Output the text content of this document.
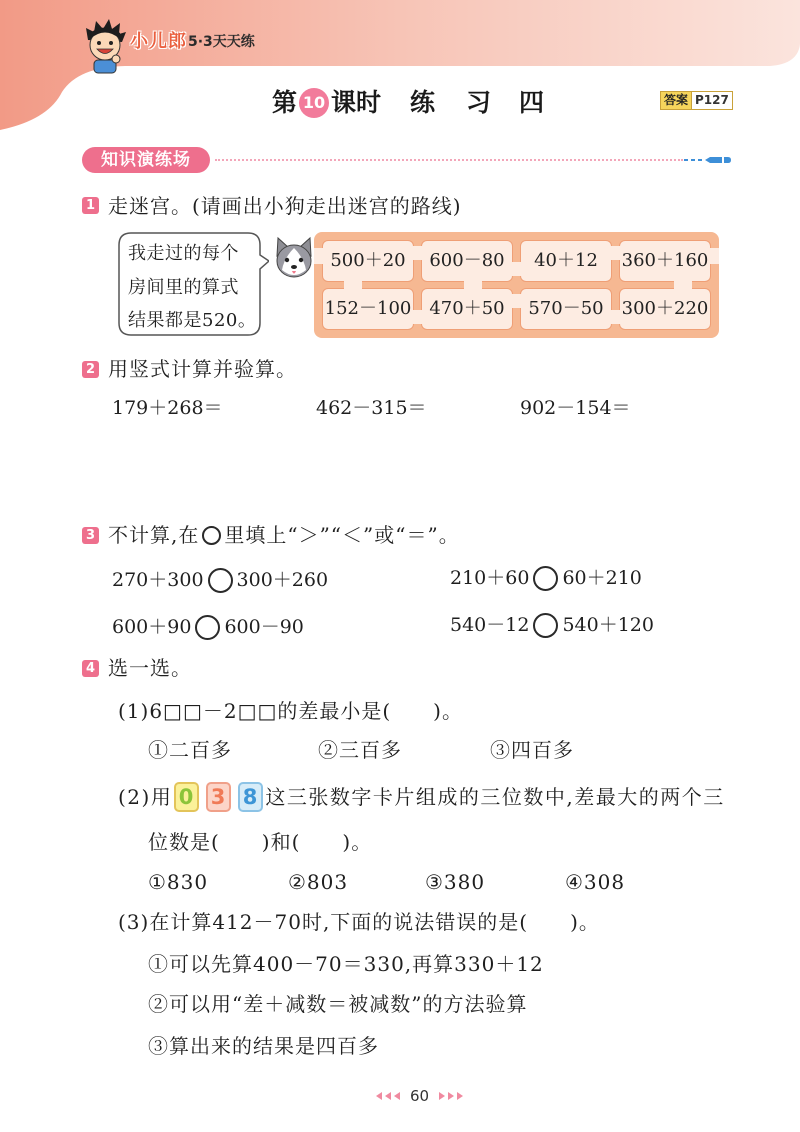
小儿郎 5·3天天练
第 10 课时 练 习 四	答案 P127
知识演练场
1 走迷宫。(请画出小狗走出迷宫的路线)
我走过的每个
房间里的算式
结果都是520。
500＋20 600－80 40＋12 360＋160
152－100 470＋50 570－50 300＋220
2 用竖式计算并验算。
179＋268＝	462－315＝	902－154＝
3 不计算,在 里填上“＞”“＜”或“＝”。
270＋300 300＋260	210＋60 60＋210
600＋90 600－90	540－12 540＋120
4 选一选。
(1)6□□－2□□的差最小是(　　)。
①二百多	②三百多	③四百多
(2)用 0 3 8 这三张数字卡片组成的三位数中,差最大的两个三
位数是(　　)和(　　)。
①830	②803	③380	④308
(3)在计算412－70时,下面的说法错误的是(　　)。
①可以先算400－70＝330,再算330＋12
②可以用“差＋减数＝被减数”的方法验算
③算出来的结果是四百多
60
